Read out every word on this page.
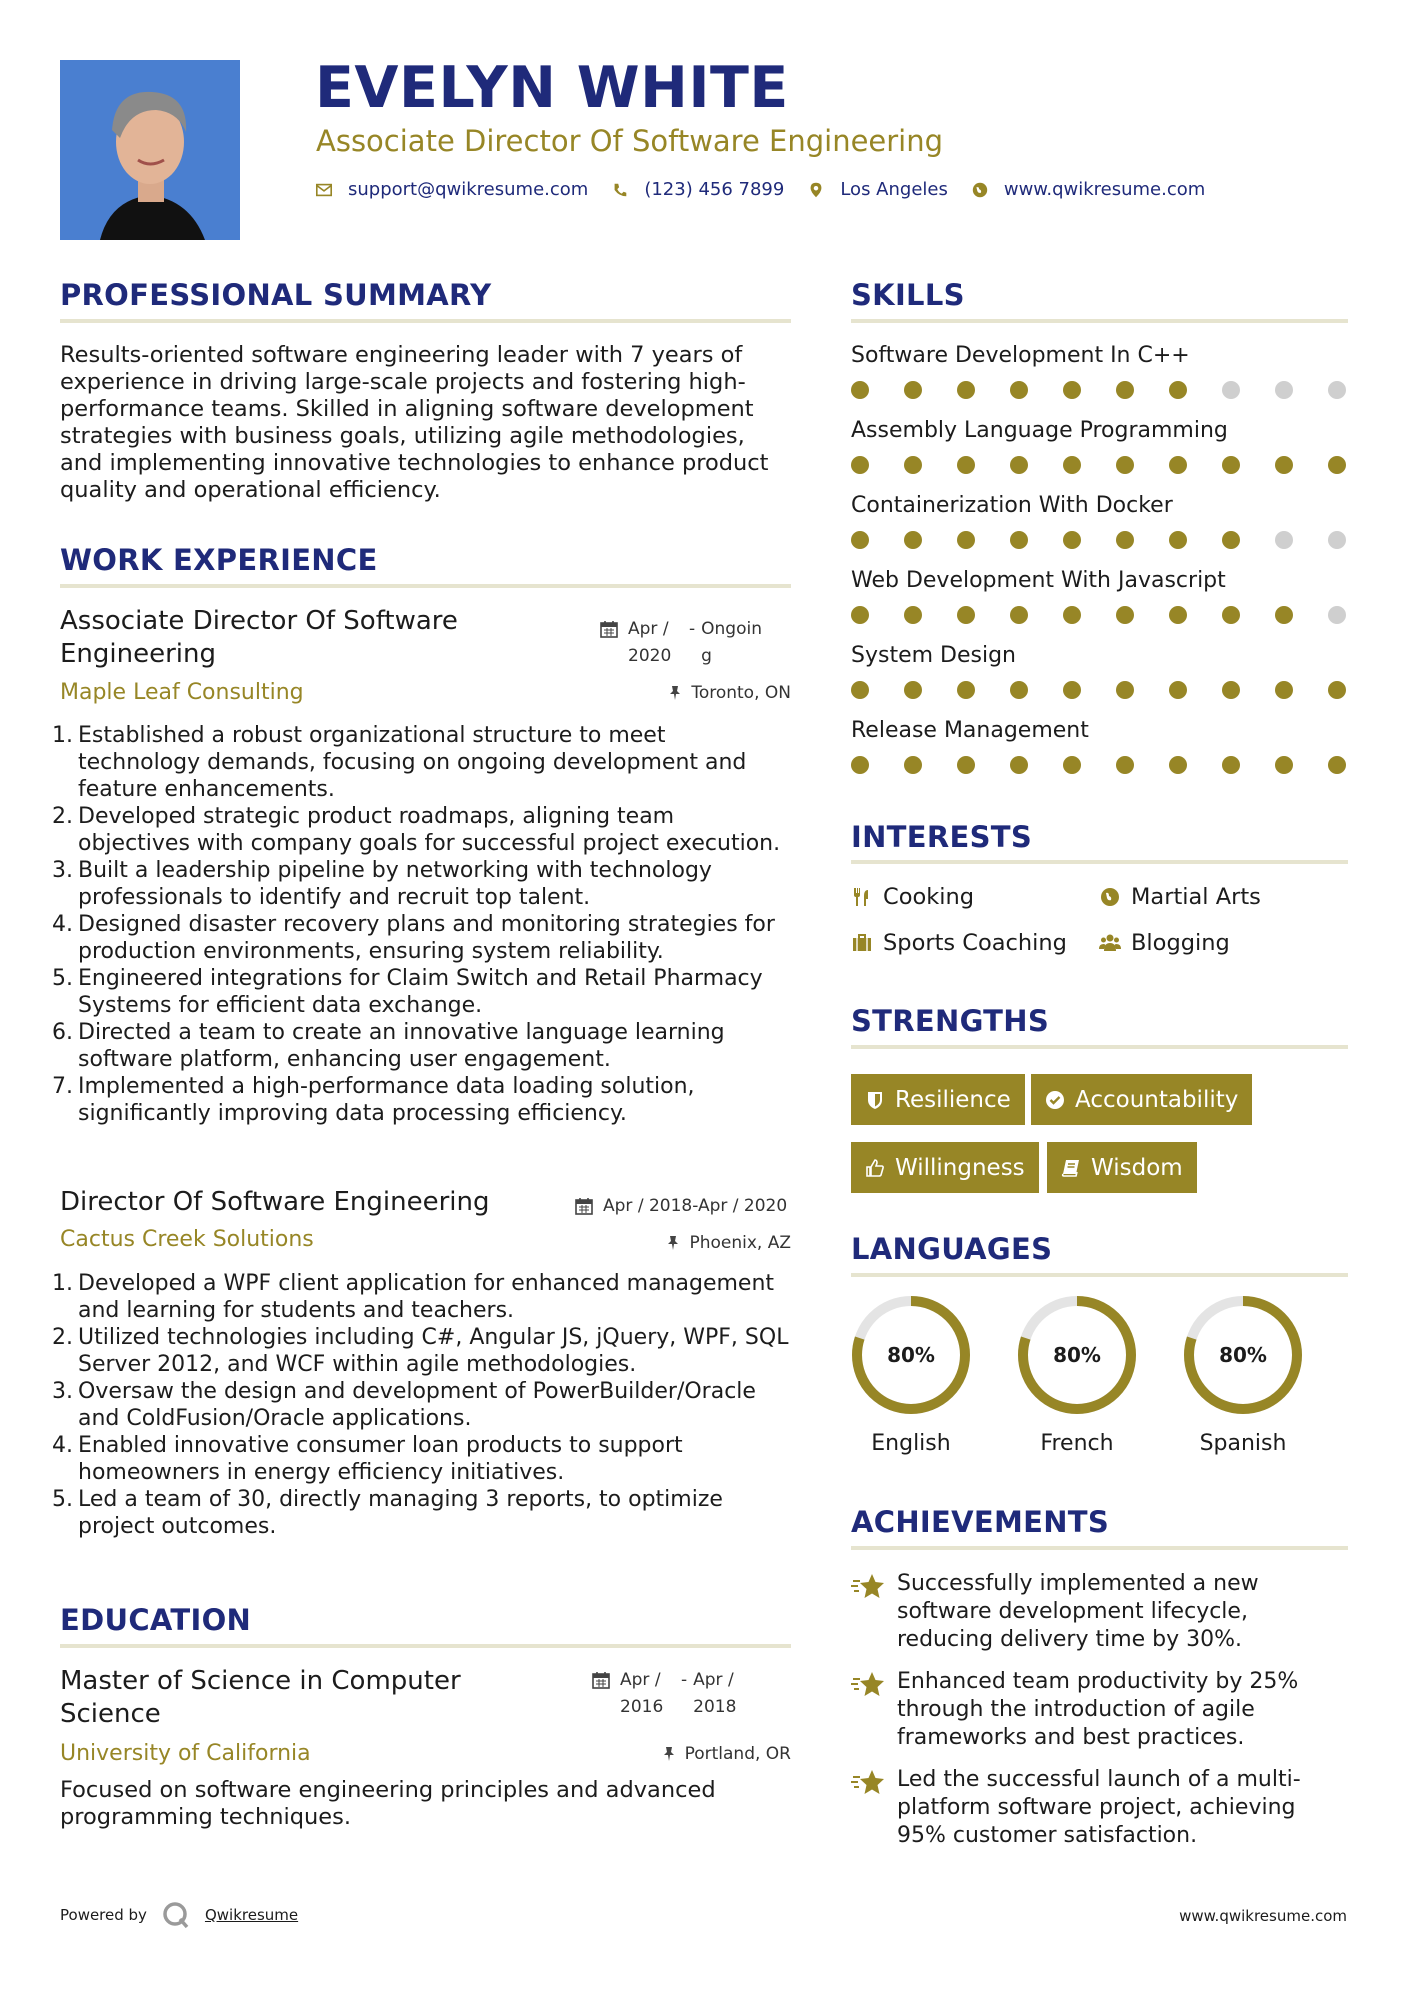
EVELYN WHITE
Associate Director Of Software Engineering
support@qwikresume.com	(123) 456 7899	Los Angeles	www.qwikresume.com
PROFESSIONAL SUMMARY
Results-oriented software engineering leader with 7 years of experience in driving large-scale projects and fostering high-performance teams. Skilled in aligning software development strategies with business goals, utilizing agile methodologies, and implementing innovative technologies to enhance product quality and operational efficiency.
WORK EXPERIENCE
Associate Director Of Software Engineering
Apr / 2020
- Ongoing
Maple Leaf Consulting	Toronto, ON
1. Established a robust organizational structure to meet technology demands, focusing on ongoing development and feature enhancements.
2. Developed strategic product roadmaps, aligning team objectives with company goals for successful project execution.
3. Built a leadership pipeline by networking with technology professionals to identify and recruit top talent.
4. Designed disaster recovery plans and monitoring strategies for production environments, ensuring system reliability.
5. Engineered integrations for Claim Switch and Retail Pharmacy Systems for efficient data exchange.
6. Directed a team to create an innovative language learning software platform, enhancing user engagement.
7. Implemented a high-performance data loading solution, significantly improving data processing efficiency.
Director Of Software Engineering	Apr / 2018-Apr / 2020
Cactus Creek Solutions	Phoenix, AZ
1. Developed a WPF client application for enhanced management and learning for students and teachers.
2. Utilized technologies including C#, Angular JS, jQuery, WPF, SQL Server 2012, and WCF within agile methodologies.
3. Oversaw the design and development of PowerBuilder/Oracle and ColdFusion/Oracle applications.
4. Enabled innovative consumer loan products to support homeowners in energy efficiency initiatives.
5. Led a team of 30, directly managing 3 reports, to optimize project outcomes.
EDUCATION
Master of Science in Computer Science
Apr / 2016
- Apr / 2018
University of California	Portland, OR
Focused on software engineering principles and advanced programming techniques.
SKILLS
Software Development In C++
Assembly Language Programming
Containerization With Docker
Web Development With Javascript
System Design
Release Management
INTERESTS
Cooking	Martial Arts
Sports Coaching	Blogging
STRENGTHS
Resilience	Accountability
Willingness	Wisdom
LANGUAGES
80%
English
80%
French
80%
Spanish
ACHIEVEMENTS
Successfully implemented a new software development lifecycle, reducing delivery time by 30%.
Enhanced team productivity by 25% through the introduction of agile frameworks and best practices.
Led the successful launch of a multi-platform software project, achieving 95% customer satisfaction.
Powered by	Qwikresume	www.qwikresume.com
